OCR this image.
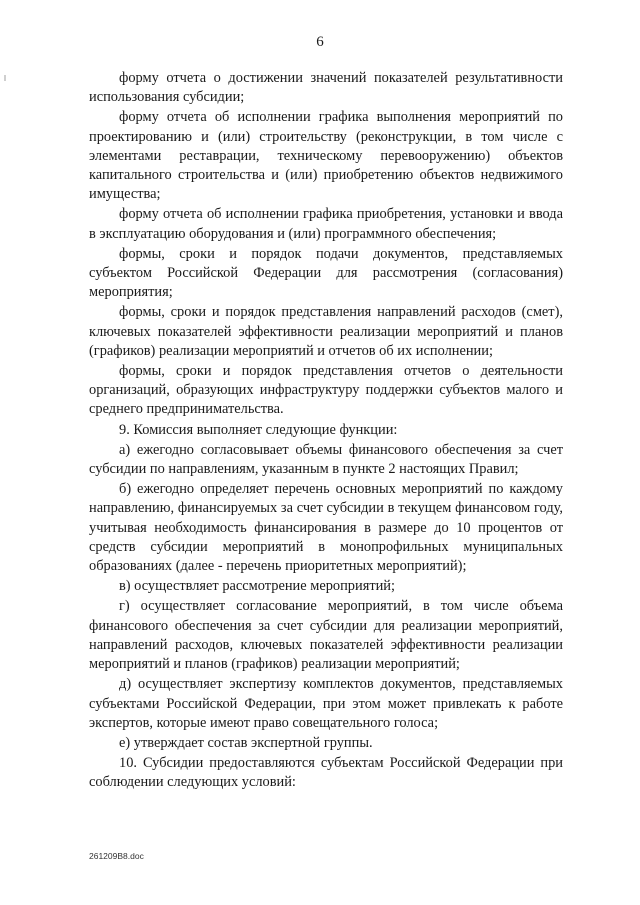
6

форму отчета о достижении значений показателей результативности использования субсидии;

форму отчета об исполнении графика выполнения мероприятий по проектированию и (или) строительству (реконструкции, в том числе с элементами реставрации, техническому перевооружению) объектов капитального строительства и (или) приобретению объектов недвижимого имущества;

форму отчета об исполнении графика приобретения, установки и ввода в эксплуатацию оборудования и (или) программного обеспечения;

формы, сроки и порядок подачи документов, представляемых субъектом Российской Федерации для рассмотрения (согласования) мероприятия;

формы, сроки и порядок представления направлений расходов (смет), ключевых показателей эффективности реализации мероприятий и планов (графиков) реализации мероприятий и отчетов об их исполнении;

формы, сроки и порядок представления отчетов о деятельности организаций, образующих инфраструктуру поддержки субъектов малого и среднего предпринимательства.

9. Комиссия выполняет следующие функции:

а) ежегодно согласовывает объемы финансового обеспечения за счет субсидии по направлениям, указанным в пункте 2 настоящих Правил;

б) ежегодно определяет перечень основных мероприятий по каждому направлению, финансируемых за счет субсидии в текущем финансовом году, учитывая необходимость финансирования в размере до 10 процентов от средств субсидии мероприятий в монопрофильных муниципальных образованиях (далее - перечень приоритетных мероприятий);

в) осуществляет рассмотрение мероприятий;

г) осуществляет согласование мероприятий, в том числе объема финансового обеспечения за счет субсидии для реализации мероприятий, направлений расходов, ключевых показателей эффективности реализации мероприятий и планов (графиков) реализации мероприятий;

д) осуществляет экспертизу комплектов документов, представляемых субъектами Российской Федерации, при этом может привлекать к работе экспертов, которые имеют право совещательного голоса;

е) утверждает состав экспертной группы.

10. Субсидии предоставляются субъектам Российской Федерации при соблюдении следующих условий:

261209B8.doc
